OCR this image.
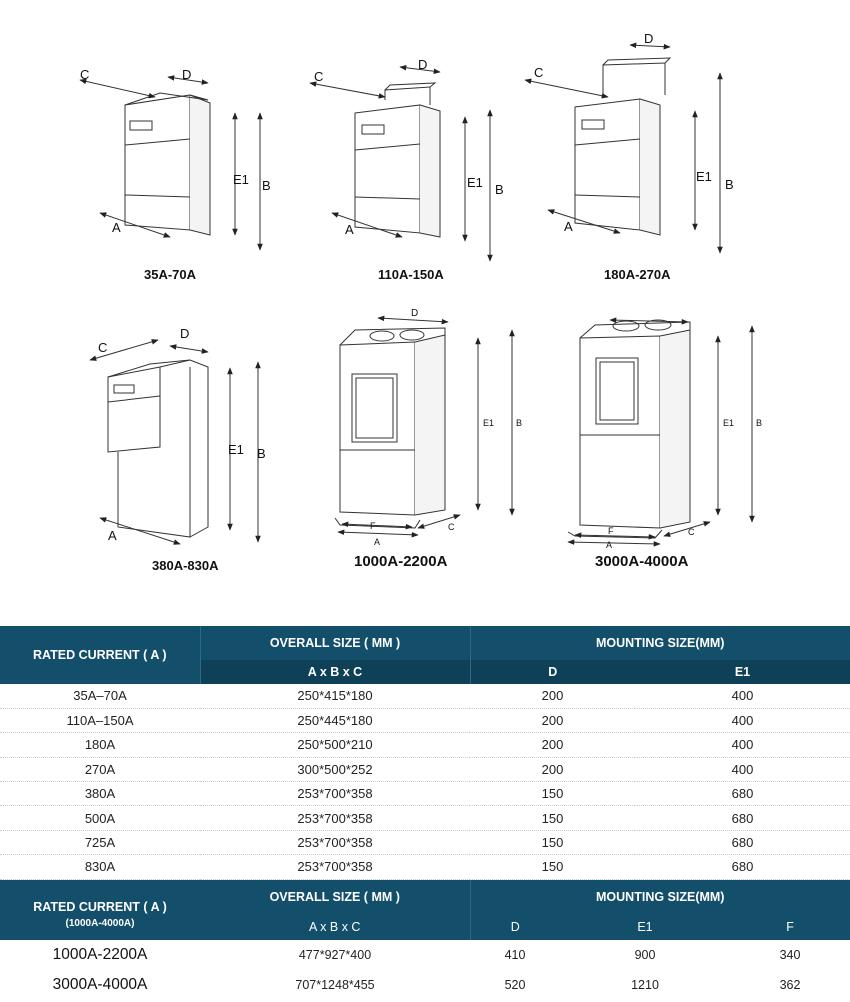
C	D
E1 B
A
35A-70A
C
D
E1 B
A
110A-150A
C
D
E1
B
A
180A-270A
C
D
E1 B
A
380A-830A
D
E1 B
F
A
C
1000A-2200A
E1 B
F
A
C
3000A-4000A
RATED CURRENT ( A )	OVERALL SIZE ( MM )	MOUNTING SIZE(MM)	
	A x B x C	D	E1
35A–70A	250*415*180	200	400
110A–150A	250*445*180	200	400
180A	250*500*210	200	400
270A	300*500*252	200	400
380A	253*700*358	150	680
500A	253*700*358	150	680
725A	253*700*358	150	680
830A	253*700*358	150	680
RATED CURRENT ( A )	OVERALL SIZE ( MM )	MOUNTING SIZE(MM)		
(1000A-4000A)	A x B x C	D	E1	F
1000A-2200A	477*927*400	410	900	340
3000A-4000A	707*1248*455	520	1210	362
